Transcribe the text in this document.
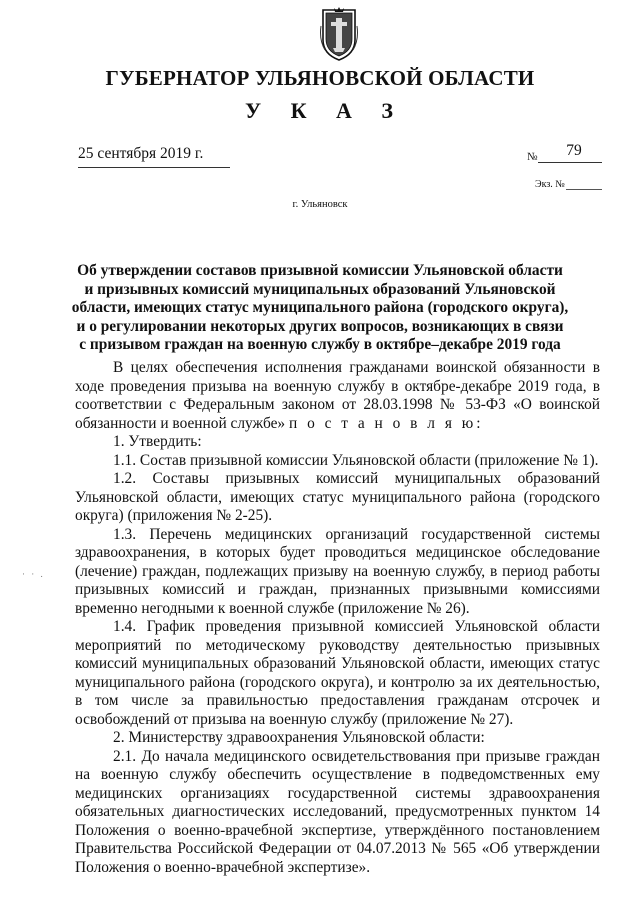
ГУБЕРНАТОР УЛЬЯНОВСКОЙ ОБЛАСТИ
У К А З
25 сентября 2019 г.	№	79
Экз. №
г. Ульяновск
Об утверждении составов призывной комиссии Ульяновской области
и призывных комиссий муниципальных образований Ульяновской
области, имеющих статус муниципального района (городского округа),
и о регулировании некоторых других вопросов, возникающих в связи
с призывом граждан на военную службу в октябре–декабре 2019 года
· · .
В целях обеспечения исполнения гражданами воинской обязанности в ходе проведения призыва на военную службу в октябре-декабре 2019 года, в соответствии с Федеральным законом от 28.03.1998 № 53-ФЗ «О воинской обязанности и военной службе» п о с т а н о в л я ю:
1. Утвердить:
1.1. Состав призывной комиссии Ульяновской области (приложение № 1).
1.2. Составы призывных комиссий муниципальных образований Ульяновской области, имеющих статус муниципального района (городского округа) (приложения № 2-25).
1.3. Перечень медицинских организаций государственной системы здравоохранения, в которых будет проводиться медицинское обследование (лечение) граждан, подлежащих призыву на военную службу, в период работы призывных комиссий и граждан, признанных призывными комиссиями временно негодными к военной службе (приложение № 26).
1.4. График проведения призывной комиссией Ульяновской области мероприятий по методическому руководству деятельностью призывных комиссий муниципальных образований Ульяновской области, имеющих статус муниципального района (городского округа), и контролю за их деятельностью, в том числе за правильностью предоставления гражданам отсрочек и освобождений от призыва на военную службу (приложение № 27).
2. Министерству здравоохранения Ульяновской области:
2.1. До начала медицинского освидетельствования при призыве граждан на военную службу обеспечить осуществление в подведомственных ему медицинских организациях государственной системы здравоохранения обязательных диагностических исследований, предусмотренных пунктом 14 Положения о военно-врачебной экспертизе, утверждённого постановлением Правительства Российской Федерации от 04.07.2013 № 565 «Об утверждении Положения о военно-врачебной экспертизе».
